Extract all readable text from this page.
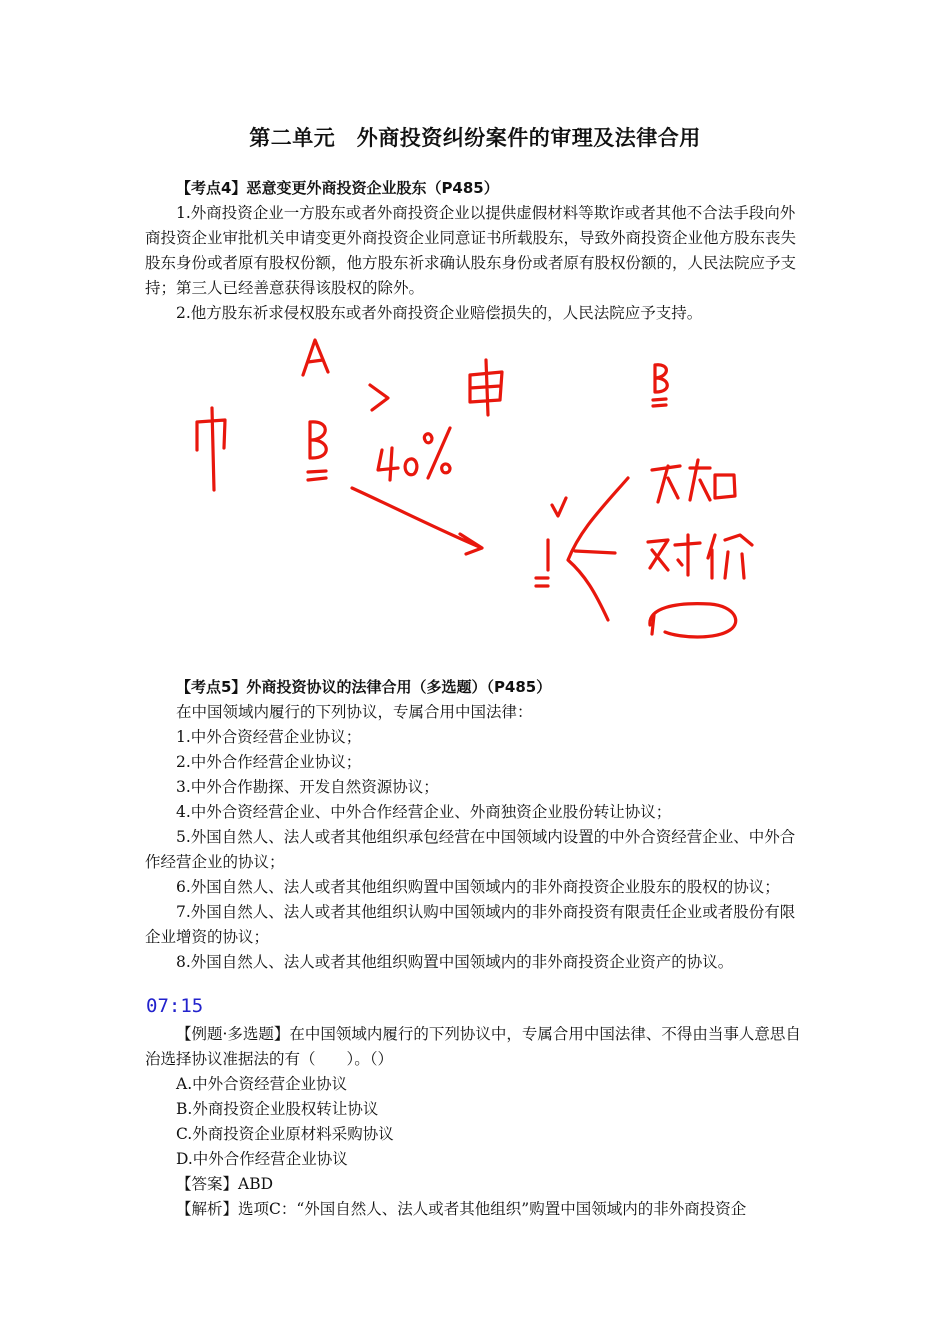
第二单元　外商投资纠纷案件的审理及法律合用

【考点4】恶意变更外商投资企业股东（P485）

1.外商投资企业一方股东或者外商投资企业以提供虚假材料等欺诈或者其他不合法手段向外商投资企业审批机关申请变更外商投资企业同意证书所载股东，导致外商投资企业他方股东丧失股东身份或者原有股权份额，他方股东祈求确认股东身份或者原有股权份额的，人民法院应予支持；第三人已经善意获得该股权的除外。

2.他方股东祈求侵权股东或者外商投资企业赔偿损失的，人民法院应予支持。

【考点5】外商投资协议的法律合用（多选题）（P485）

在中国领域内履行的下列协议，专属合用中国法律：

1.中外合资经营企业协议；

2.中外合作经营企业协议；

3.中外合作勘探、开发自然资源协议；

4.中外合资经营企业、中外合作经营企业、外商独资企业股份转让协议；

5.外国自然人、法人或者其他组织承包经营在中国领域内设置的中外合资经营企业、中外合作经营企业的协议；

6.外国自然人、法人或者其他组织购置中国领域内的非外商投资企业股东的股权的协议；

7.外国自然人、法人或者其他组织认购中国领域内的非外商投资有限责任企业或者股份有限企业增资的协议；

8.外国自然人、法人或者其他组织购置中国领域内的非外商投资企业资产的协议。

07:15

【例题·多选题】在中国领域内履行的下列协议中，专属合用中国法律、不得由当事人意思自治选择协议准据法的有（　　）。（）

A.中外合资经营企业协议

B.外商投资企业股权转让协议

C.外商投资企业原材料采购协议

D.中外合作经营企业协议

【答案】ABD

【解析】选项C：“外国自然人、法人或者其他组织”购置中国领域内的非外商投资企
